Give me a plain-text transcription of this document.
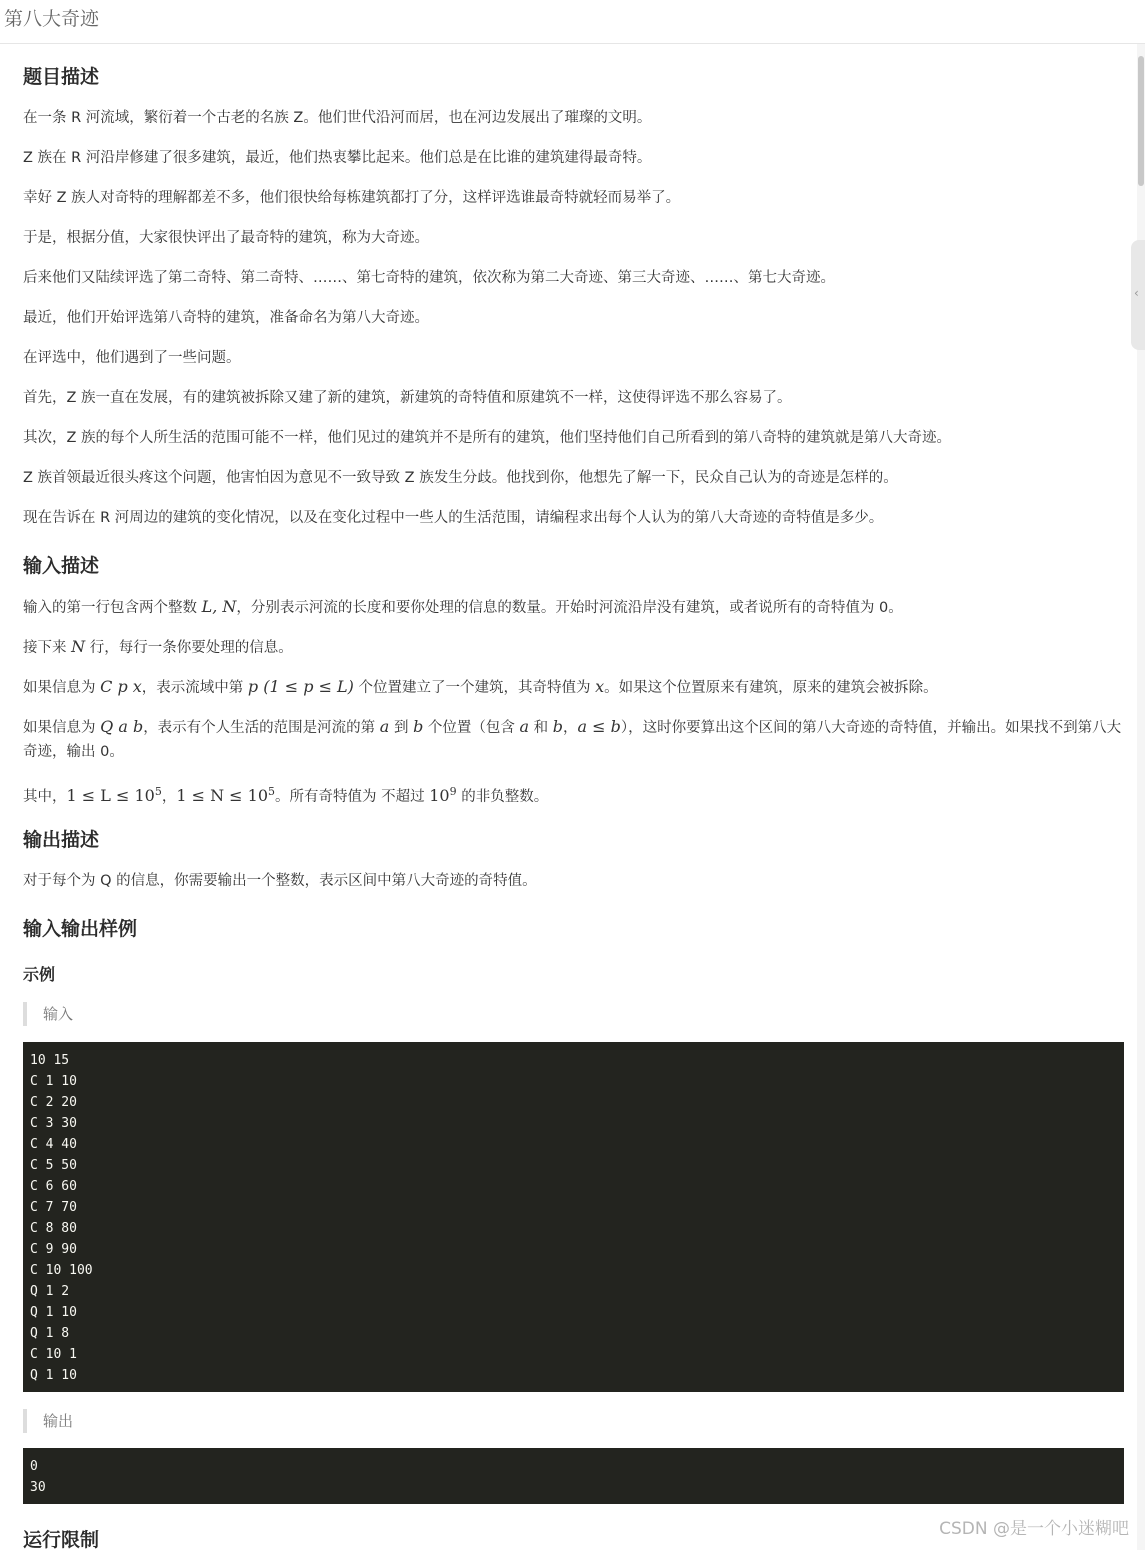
第八大奇迹
题目描述
在一条 R 河流域，繁衍着一个古老的名族 Z。他们世代沿河而居，也在河边发展出了璀璨的文明。
Z 族在 R 河沿岸修建了很多建筑，最近，他们热衷攀比起来。他们总是在比谁的建筑建得最奇特。
幸好 Z 族人对奇特的理解都差不多，他们很快给每栋建筑都打了分，这样评选谁最奇特就轻而易举了。
于是，根据分值，大家很快评出了最奇特的建筑，称为大奇迹。
后来他们又陆续评选了第二奇特、第二奇特、……、第七奇特的建筑，依次称为第二大奇迹、第三大奇迹、……、第七大奇迹。
最近，他们开始评选第八奇特的建筑，准备命名为第八大奇迹。
在评选中，他们遇到了一些问题。
首先，Z 族一直在发展，有的建筑被拆除又建了新的建筑，新建筑的奇特值和原建筑不一样，这使得评选不那么容易了。
其次，Z 族的每个人所生活的范围可能不一样，他们见过的建筑并不是所有的建筑，他们坚持他们自己所看到的第八奇特的建筑就是第八大奇迹。
Z 族首领最近很头疼这个问题，他害怕因为意见不一致导致 Z 族发生分歧。他找到你，他想先了解一下，民众自己认为的奇迹是怎样的。
现在告诉在 R 河周边的建筑的变化情况，以及在变化过程中一些人的生活范围，请编程求出每个人认为的第八大奇迹的奇特值是多少。
输入描述
输入的第一行包含两个整数 L, N，分别表示河流的长度和要你处理的信息的数量。开始时河流沿岸没有建筑，或者说所有的奇特值为 0。
接下来 N 行，每行一条你要处理的信息。
如果信息为 C p x，表示流域中第 p (1 ≤ p ≤ L) 个位置建立了一个建筑，其奇特值为 x。如果这个位置原来有建筑，原来的建筑会被拆除。
如果信息为 Q a b，表示有个人生活的范围是河流的第 a 到 b 个位置（包含 a 和 b，a ≤ b），这时你要算出这个区间的第八大奇迹的奇特值，并输出。如果找不到第八大奇迹，输出 0。
其中，$1 \le L \le 10^5$，$1 \le N \le 10^5$。所有奇特值为 不超过 $10^9$ 的非负整数。
输出描述
对于每个为 Q 的信息，你需要输出一个整数，表示区间中第八大奇迹的奇特值。
输入输出样例
示例
输入
10 15
C 1 10
C 2 20
C 3 30
C 4 40
C 5 50
C 6 60
C 7 70
C 8 80
C 9 90
C 10 100
Q 1 2
Q 1 10
Q 1 8
C 10 1
Q 1 10
输出
0
30
运行限制
‹
CSDN @是一个小迷糊吧
